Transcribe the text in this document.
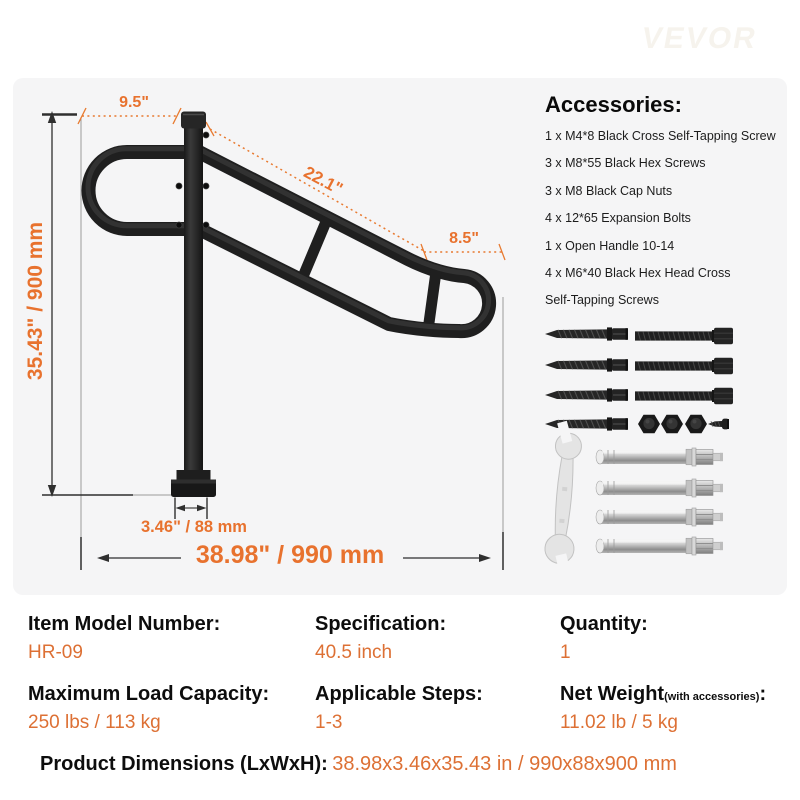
VEVOR
9.5"
22.1"
8.5"
35.43" / 900 mm
3.46" / 88 mm
38.98" / 990 mm
Accessories:
1 x M4*8 Black Cross Self-Tapping Screw
3 x M8*55 Black Hex Screws
3 x M8 Black Cap Nuts
4 x 12*65 Expansion Bolts
1 x Open Handle 10-14
4 x M6*40 Black Hex Head Cross
Self-Tapping Screws
Item Model Number:
HR-09
Specification:
40.5 inch
Quantity:
1
Maximum Load Capacity:
250 lbs / 113 kg
Applicable Steps:
1-3
Net Weight(with accessories):
11.02 lb / 5 kg
Product Dimensions (LxWxH): 38.98x3.46x35.43 in / 990x88x900 mm
